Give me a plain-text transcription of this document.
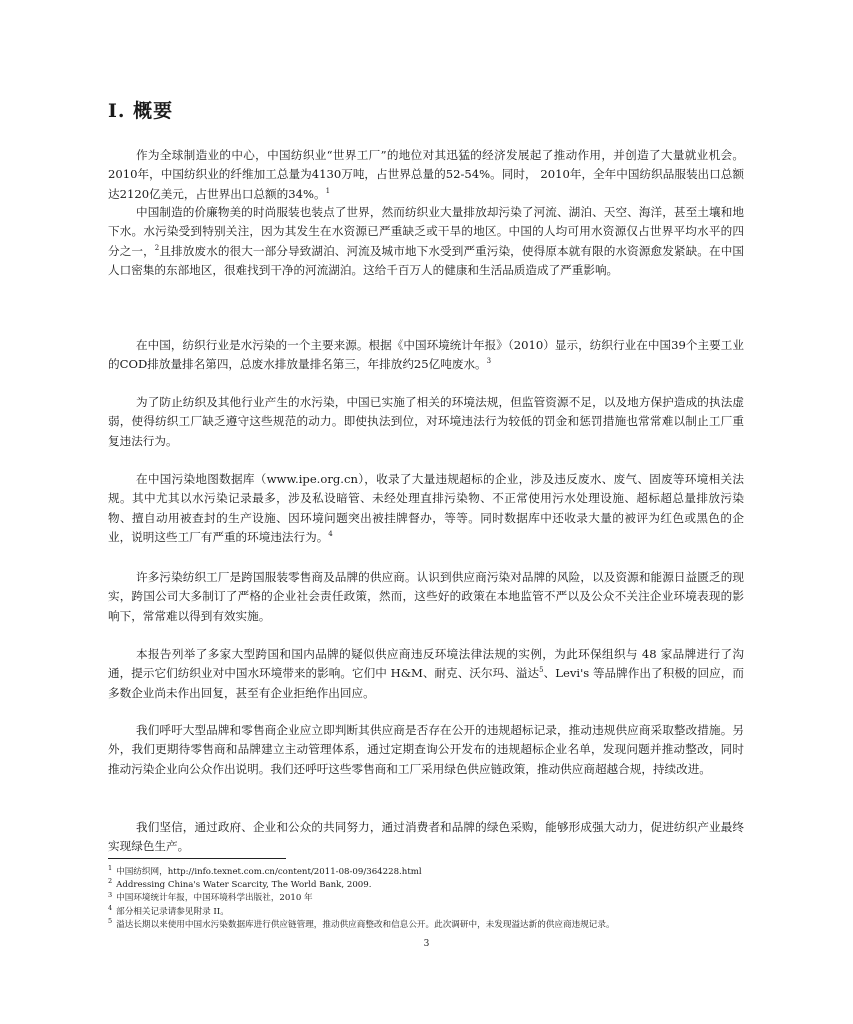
I. 概要

作为全球制造业的中心，中国纺织业“世界工厂”的地位对其迅猛的经济发展起了推动作用，并创造了大量就业机会。2010年，中国纺织业的纤维加工总量为4130万吨，占世界总量的52-54%。同时， 2010年，全年中国纺织品服装出口总额达2120亿美元，占世界出口总额的34%。$^1$

中国制造的价廉物美的时尚服装也装点了世界，然而纺织业大量排放却污染了河流、湖泊、天空、海洋，甚至土壤和地下水。水污染受到特别关注，因为其发生在水资源已严重缺乏或干旱的地区。中国的人均可用水资源仅占世界平均水平的四分之一，$^2$且排放废水的很大一部分导致湖泊、河流及城市地下水受到严重污染，使得原本就有限的水资源愈发紧缺。在中国人口密集的东部地区，很难找到干净的河流湖泊。这给千百万人的健康和生活品质造成了严重影响。

在中国，纺织行业是水污染的一个主要来源。根据《中国环境统计年报》（2010）显示，纺织行业在中国39个主要工业的COD排放量排名第四，总废水排放量排名第三，年排放约25亿吨废水。$^3$

为了防止纺织及其他行业产生的水污染，中国已实施了相关的环境法规，但监管资源不足，以及地方保护造成的执法虚弱，使得纺织工厂缺乏遵守这些规范的动力。即使执法到位，对环境违法行为较低的罚金和惩罚措施也常常难以制止工厂重复违法行为。

在中国污染地图数据库（www.ipe.org.cn），收录了大量违规超标的企业，涉及违反废水、废气、固废等环境相关法规。其中尤其以水污染记录最多，涉及私设暗管、未经处理直排污染物、不正常使用污水处理设施、超标超总量排放污染物、擅自动用被查封的生产设施、因环境问题突出被挂牌督办，等等。同时数据库中还收录大量的被评为红色或黑色的企业，说明这些工厂有严重的环境违法行为。$^4$

许多污染纺织工厂是跨国服装零售商及品牌的供应商。认识到供应商污染对品牌的风险，以及资源和能源日益匮乏的现实，跨国公司大多制订了严格的企业社会责任政策，然而，这些好的政策在本地监管不严以及公众不关注企业环境表现的影响下，常常难以得到有效实施。

本报告列举了多家大型跨国和国内品牌的疑似供应商违反环境法律法规的实例，为此环保组织与 48 家品牌进行了沟通，提示它们纺织业对中国水环境带来的影响。它们中 H&M、耐克、沃尔玛、溢达$^5$、Levi's 等品牌作出了积极的回应，而多数企业尚未作出回复，甚至有企业拒绝作出回应。

我们呼吁大型品牌和零售商企业应立即判断其供应商是否存在公开的违规超标记录，推动违规供应商采取整改措施。另外，我们更期待零售商和品牌建立主动管理体系，通过定期查询公开发布的违规超标企业名单，发现问题并推动整改，同时推动污染企业向公众作出说明。我们还呼吁这些零售商和工厂采用绿色供应链政策，推动供应商超越合规，持续改进。

我们坚信，通过政府、企业和公众的共同努力，通过消费者和品牌的绿色采购，能够形成强大动力，促进纺织产业最终实现绿色生产。

$^1$ 中国纺织网，http://info.texnet.com.cn/content/2011-08-09/364228.html
$^2$ Addressing China's Water Scarcity, The World Bank, 2009.
$^3$ 中国环境统计年报，中国环境科学出版社，2010 年
$^4$ 部分相关记录请参见附录 II。
$^5$ 溢达长期以来使用中国水污染数据库进行供应链管理，推动供应商整改和信息公开。此次调研中，未发现溢达新的供应商违规记录。
3
